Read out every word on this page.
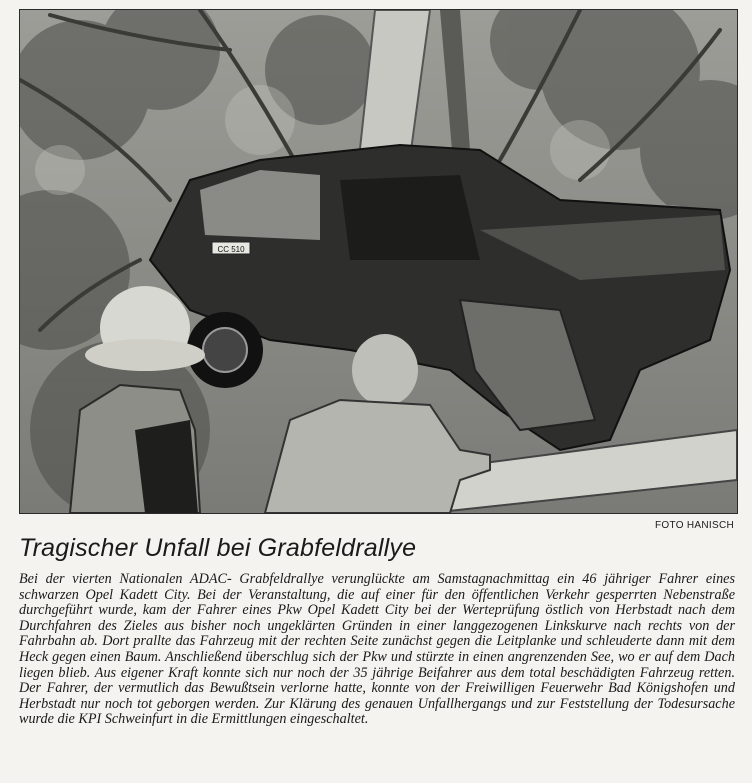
CC 510
FOTO HANISCH
Tragischer Unfall bei Grabfeldrallye

Bei der vierten Nationalen ADAC- Grabfeldrallye verunglückte am Samstagnachmittag ein 46 jähriger Fahrer eines schwarzen Opel Kadett City. Bei der Veranstaltung, die auf einer für den öffentlichen Verkehr gesperrten Nebenstraße durchgeführt wurde, kam der Fahrer eines Pkw Opel Kadett City bei der Werteprüfung östlich von Herbstadt nach dem Durchfahren des Zieles aus bisher noch ungeklärten Gründen in einer langgezogenen Linkskurve nach rechts von der Fahrbahn ab. Dort prallte das Fahrzeug mit der rechten Seite zunächst gegen die Leitplanke und schleuderte dann mit dem Heck gegen einen Baum. Anschließend überschlug sich der Pkw und stürzte in einen angrenzenden See, wo er auf dem Dach liegen blieb. Aus eigener Kraft konnte sich nur noch der 35 jährige Beifahrer aus dem total beschädigten Fahrzeug retten. Der Fahrer, der vermutlich das Bewußtsein verlorne hatte, konnte von der Freiwilligen Feuerwehr Bad Königshofen und Herbstadt nur noch tot geborgen werden. Zur Klärung des genauen Unfallhergangs und zur Feststellung der Todesursache wurde die KPI Schweinfurt in die Ermittlungen eingeschaltet.
